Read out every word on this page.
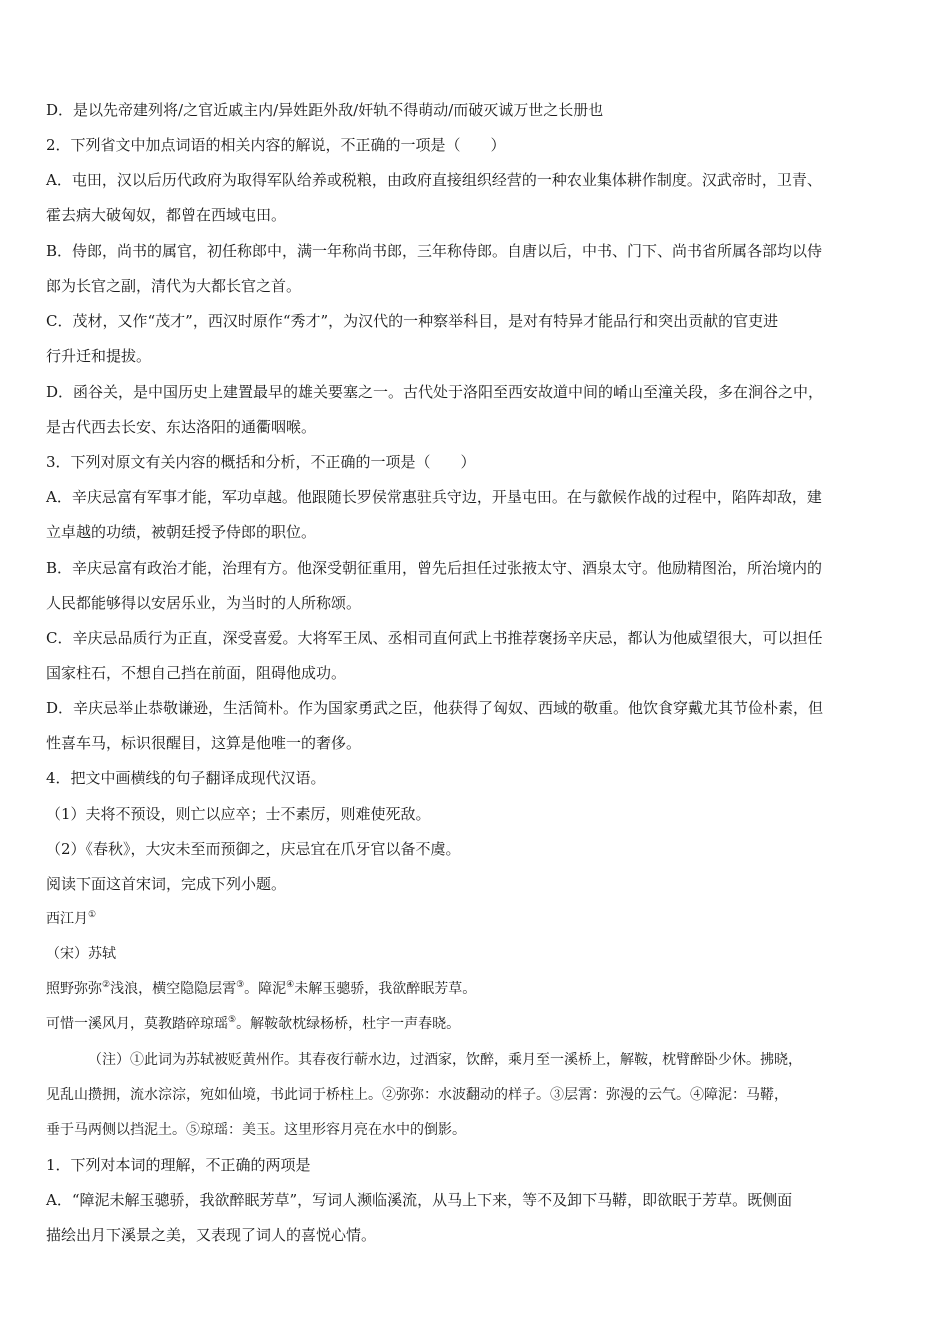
D．是以先帝建列将/之官近戚主内/异姓距外敌/奸轨不得萌动/而破灭诚万世之长册也
2．下列省文中加点词语的相关内容的解说，不正确的一项是（　　）
A．屯田，汉以后历代政府为取得军队给养或税粮，由政府直接组织经营的一种农业集体耕作制度。汉武帝时，卫青、
霍去病大破匈奴，都曾在西域屯田。
B．侍郎，尚书的属官，初任称郎中，满一年称尚书郎，三年称侍郎。自唐以后，中书、门下、尚书省所属各部均以侍
郎为长官之副，清代为大都长官之首。
C．茂材，又作“茂才”，西汉时原作“秀才”，为汉代的一种察举科目，是对有特异才能品行和突出贡献的官吏进
行升迁和提拔。
D．函谷关，是中国历史上建置最早的雄关要塞之一。古代处于洛阳至西安故道中间的崤山至潼关段，多在涧谷之中，
是古代西去长安、东达洛阳的通衢咽喉。
3．下列对原文有关内容的概括和分析，不正确的一项是（　　）
A．辛庆忌富有军事才能，军功卓越。他跟随长罗侯常惠驻兵守边，开垦屯田。在与歙候作战的过程中，陷阵却敌，建
立卓越的功绩，被朝廷授予侍郎的职位。
B．辛庆忌富有政治才能，治理有方。他深受朝征重用，曾先后担任过张掖太守、酒泉太守。他励精图治，所治境内的
人民都能够得以安居乐业，为当时的人所称颂。
C．辛庆忌品质行为正直，深受喜爱。大将军王凤、丞相司直何武上书推荐褒扬辛庆忌，都认为他威望很大，可以担任
国家柱石，不想自己挡在前面，阻碍他成功。
D．辛庆忌举止恭敬谦逊，生活简朴。作为国家勇武之臣，他获得了匈奴、西域的敬重。他饮食穿戴尤其节俭朴素，但
性喜车马，标识很醒目，这算是他唯一的奢侈。
4．把文中画横线的句子翻译成现代汉语。
（1）夫将不预设，则亡以应卒；士不素厉，则难使死敌。
（2）《春秋》，大灾未至而预御之，庆忌宜在爪牙官以备不虞。
阅读下面这首宋词，完成下列小题。
西江月①
（宋）苏轼
照野弥弥②浅浪，横空隐隐层霄③。障泥④未解玉骢骄，我欲醉眠芳草。
可惜一溪风月，莫教踏碎琼瑶⑤。解鞍欹枕绿杨桥，杜宇一声春晓。
（注）①此词为苏轼被贬黄州作。其春夜行蕲水边，过酒家，饮醉，乘月至一溪桥上，解鞍，枕臂醉卧少休。拂晓，
见乱山攒拥，流水淙淙，宛如仙境，书此词于桥柱上。②弥弥：水波翻动的样子。③层霄：弥漫的云气。④障泥：马鞯，
垂于马两侧以挡泥土。⑤琼瑶：美玉。这里形容月亮在水中的倒影。
1．下列对本词的理解，不正确的两项是
A．“障泥未解玉骢骄，我欲醉眠芳草”，写词人濒临溪流，从马上下来，等不及卸下马鞯，即欲眠于芳草。既侧面
描绘出月下溪景之美，又表现了词人的喜悦心情。
